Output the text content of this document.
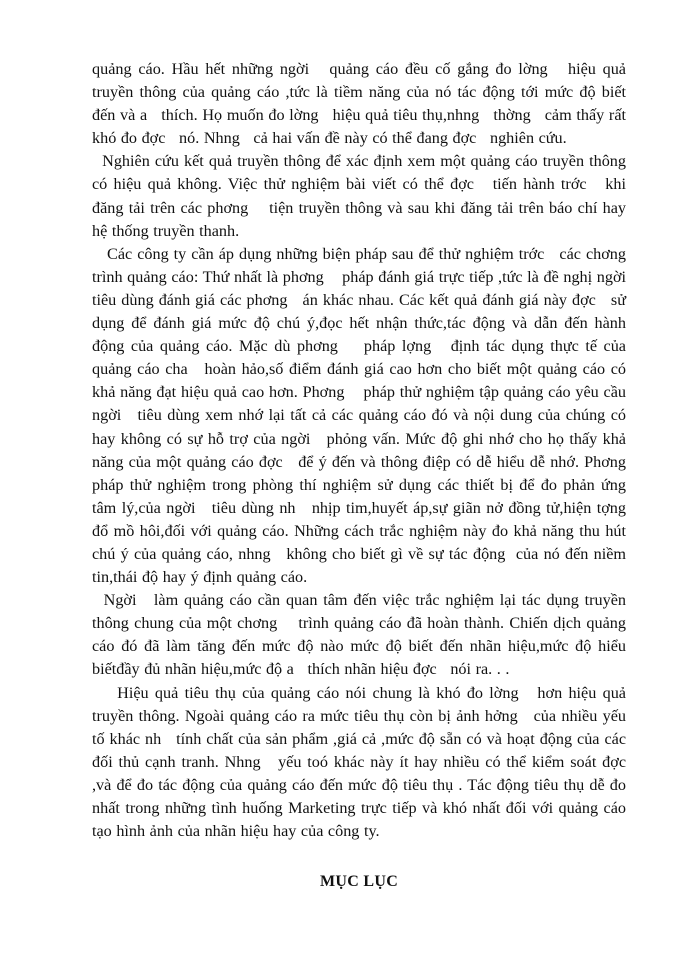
quảng cáo. Hầu hết những ngời   quảng cáo đều cố gắng đo lờng   hiệu quả
truyền thông của quảng cáo ,tức là tiềm năng của nó tác động tới mức độ biết
đến và a   thích. Họ muốn đo lờng   hiệu quả tiêu thụ,nhng   thờng   cảm thấy rất
khó đo đợc   nó. Nhng   cả hai vấn đề này có thể đang đợc   nghiên cứu.

Nghiên cứu kết quả truyền thông để xác định xem một quảng cáo truyền thông
có hiệu quả không. Việc thử nghiệm bài viết có thể đợc   tiến hành trớc   khi
đăng tải trên các phơng    tiện truyền thông và sau khi đăng tải trên báo chí hay
hệ thống truyền thanh.

Các công ty cần áp dụng những biện pháp sau để thử nghiệm trớc   các chơng
trình quảng cáo: Thứ nhất là phơng    pháp đánh giá trực tiếp ,tức là đề nghị ngời
tiêu dùng đánh giá các phơng   án khác nhau. Các kết quả đánh giá này đợc   sử
dụng để đánh giá mức độ chú ý,đọc hết nhận thức,tác động và dẫn đến hành
động của quảng cáo. Mặc dù phơng    pháp lợng   định tác dụng thực tế của
quảng cáo cha   hoàn hảo,số điểm đánh giá cao hơn cho biết một quảng cáo có
khả năng đạt hiệu quả cao hơn. Phơng    pháp thử nghiệm tập quảng cáo yêu cầu
ngời   tiêu dùng xem nhớ lại tất cả các quảng cáo đó và nội dung của chúng có
hay không có sự hỗ trợ của ngời   phỏng vấn. Mức độ ghi nhớ cho họ thấy khả
năng của một quảng cáo đợc   để ý đến và thông điệp có dễ hiểu dễ nhớ. Phơng
pháp thử nghiệm trong phòng thí nghiệm sử dụng các thiết bị để đo phản ứng
tâm lý,của ngời   tiêu dùng nh   nhịp tim,huyết áp,sự giãn nở đồng tử,hiện tợng
đổ mồ hôi,đối với quảng cáo. Những cách trắc nghiệm này đo khả năng thu hút
chú ý của quảng cáo, nhng   không cho biết gì về sự tác động  của nó đến niềm
tin,thái độ hay ý định quảng cáo.

Ngời   làm quảng cáo cần quan tâm đến việc trắc nghiệm lại tác dụng truyền
thông chung của một chơng    trình quảng cáo đã hoàn thành. Chiến dịch quảng
cáo đó đã làm tăng đến mức độ nào mức độ biết đến nhãn hiệu,mức độ hiểu
biếtđầy đủ nhãn hiệu,mức độ a   thích nhãn hiệu đợc   nói ra. . .

Hiệu quả tiêu thụ của quảng cáo nói chung là khó đo lờng   hơn hiệu quả
truyền thông. Ngoài quảng cáo ra mức tiêu thụ còn bị ảnh hởng   của nhiều yếu
tố khác nh   tính chất của sản phẩm ,giá cả ,mức độ sẵn có và hoạt động của các
đối thủ cạnh tranh. Nhng   yếu toó khác này ít hay nhiều có thể kiểm soát đợc
,và để đo tác động của quảng cáo đến mức độ tiêu thụ . Tác động tiêu thụ dễ đo
nhất trong những tình huống Marketing trực tiếp và khó nhất đối với quảng cáo
tạo hình ảnh của nhãn hiệu hay của công ty.

MỤC LỤC
